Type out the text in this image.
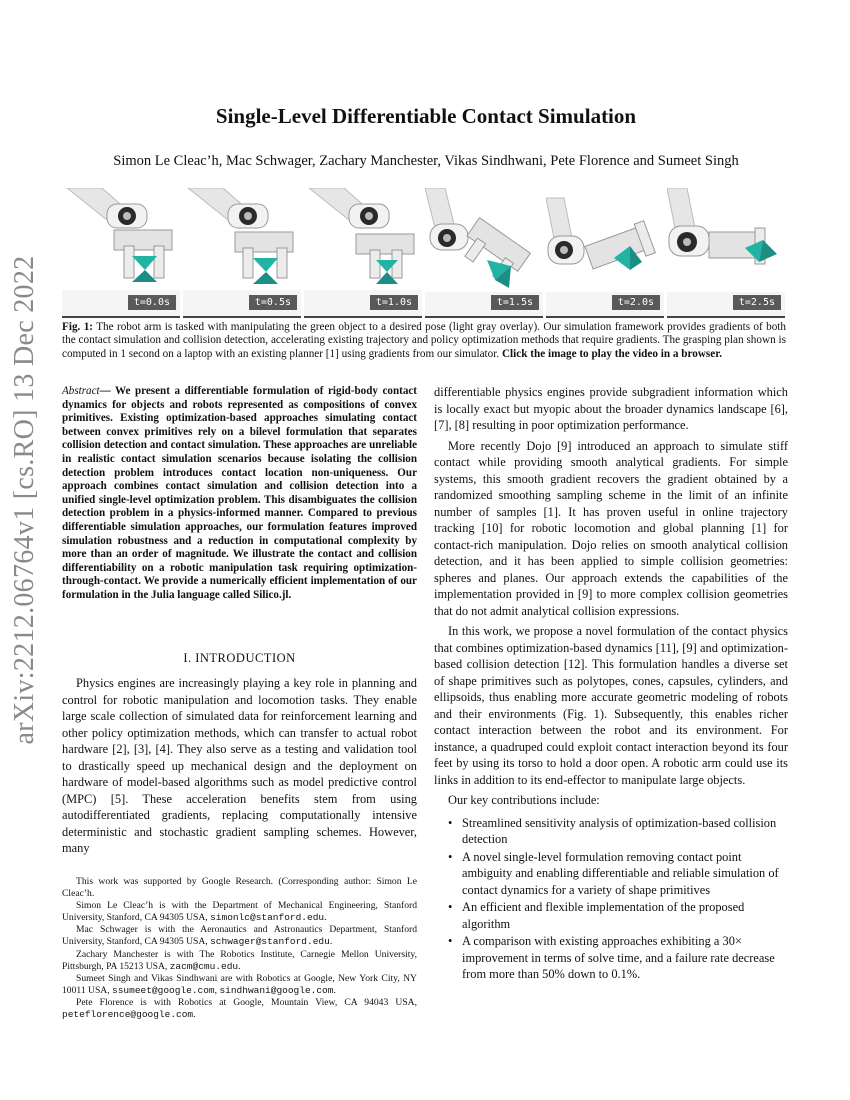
arXiv:2212.06764v1 [cs.RO] 13 Dec 2022
Single-Level Differentiable Contact Simulation
Simon Le Cleac’h, Mac Schwager, Zachary Manchester, Vikas Sindhwani, Pete Florence and Sumeet Singh
t=0.0s	t=0.5s	t=1.0s	t=1.5s	t=2.0s	t=2.5s
Fig. 1: The robot arm is tasked with manipulating the green object to a desired pose (light gray overlay). Our simulation framework provides gradients of both the contact simulation and collision detection, accelerating existing trajectory and policy optimization methods that require gradients. The grasping plan shown is computed in 1 second on a laptop with an existing planner [1] using gradients from our simulator. Click the image to play the video in a browser.
Abstract— We present a differentiable formulation of rigid-body contact dynamics for objects and robots represented as compositions of convex primitives. Existing optimization-based approaches simulating contact between convex primitives rely on a bilevel formulation that separates collision detection and contact simulation. These approaches are unreliable in realistic contact simulation scenarios because isolating the collision detection problem introduces contact location non-uniqueness. Our approach combines contact simulation and collision detection into a unified single-level optimization problem. This disambiguates the collision detection problem in a physics-informed manner. Compared to previous differentiable simulation approaches, our formulation features improved simulation robustness and a reduction in computational complexity by more than an order of magnitude. We illustrate the contact and collision differentiability on a robotic manipulation task requiring optimization-through-contact. We provide a numerically efficient implementation of our formulation in the Julia language called Silico.jl.
I. INTRODUCTION

Physics engines are increasingly playing a key role in planning and control for robotic manipulation and locomotion tasks. They enable large scale collection of simulated data for reinforcement learning and other policy optimization methods, which can transfer to actual robot hardware [2], [3], [4]. They also serve as a testing and validation tool to drastically speed up mechanical design and the deployment on hardware of model-based algorithms such as model predictive control (MPC) [5]. These acceleration benefits stem from using autodifferentiated gradients, replacing computationally intensive deterministic and stochastic gradient sampling schemes. However, many

This work was supported by Google Research. (Corresponding author: Simon Le Cleac’h.

Simon Le Cleac’h is with the Department of Mechanical Engineering, Stanford University, Stanford, CA 94305 USA, simonlc@stanford.edu.

Mac Schwager is with the Aeronautics and Astronautics Department, Stanford University, Stanford, CA 94305 USA, schwager@stanford.edu.

Zachary Manchester is with The Robotics Institute, Carnegie Mellon University, Pittsburgh, PA 15213 USA, zacm@cmu.edu.

Sumeet Singh and Vikas Sindhwani are with Robotics at Google, New York City, NY 10011 USA, ssumeet@google.com, sindhwani@google.com.

Pete Florence is with Robotics at Google, Mountain View, CA 94043 USA, peteflorence@google.com.

differentiable physics engines provide subgradient information which is locally exact but myopic about the broader dynamics landscape [6], [7], [8] resulting in poor optimization performance.

More recently Dojo [9] introduced an approach to simulate stiff contact while providing smooth analytical gradients. For simple systems, this smooth gradient recovers the gradient obtained by a randomized smoothing sampling scheme in the limit of an infinite number of samples [1]. It has proven useful in online trajectory tracking [10] for robotic locomotion and global planning [1] for contact-rich manipulation. Dojo relies on smooth analytical collision detection, and it has been applied to simple collision geometries: spheres and planes. Our approach extends the capabilities of the implementation provided in [9] to more complex collision geometries that do not admit analytical collision expressions.

In this work, we propose a novel formulation of the contact physics that combines optimization-based dynamics [11], [9] and optimization-based collision detection [12]. This formulation handles a diverse set of shape primitives such as polytopes, cones, capsules, cylinders, and ellipsoids, thus enabling more accurate geometric modeling of robots and their environments (Fig. 1). Subsequently, this enables richer contact interaction between the robot and its environment. For instance, a quadruped could exploit contact interaction beyond its four feet by using its torso to hold a door open. A robotic arm could use its links in addition to its end-effector to manipulate large objects.

Our key contributions include:

• Streamlined sensitivity analysis of optimization-based collision detection
• A novel single-level formulation removing contact point ambiguity and enabling differentiable and reliable simulation of contact dynamics for a variety of shape primitives
• An efficient and flexible implementation of the proposed algorithm
• A comparison with existing approaches exhibiting a 30× improvement in terms of solve time, and a failure rate decrease from more than 50% down to 0.1%.
